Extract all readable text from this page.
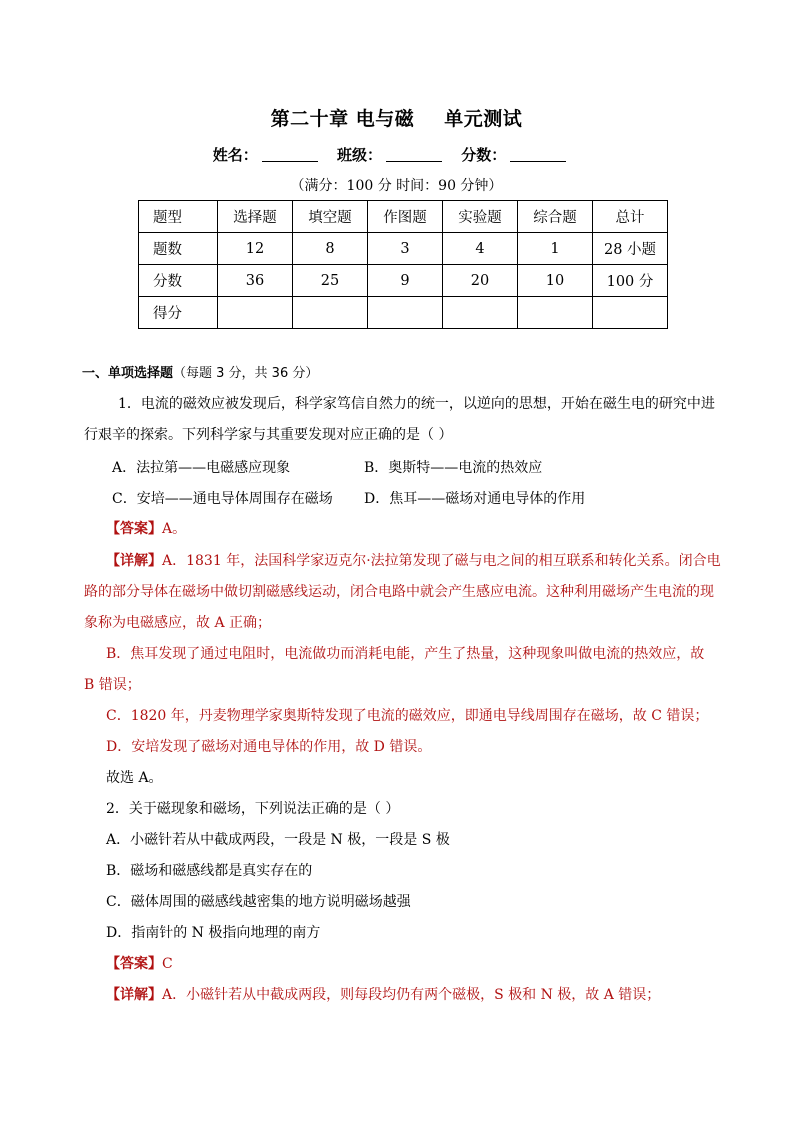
第二十章 电与磁 单元测试
姓名：	班级：	分数：
（满分：100 分 时间：90 分钟）
题型	选择题	填空题	作图题	实验题	综合题	总计
题数	12	8	3	4	1	28 小题
分数	36	25	9	20	10	100 分
得分						
一、单项选择题（每题 3 分，共 36 分）
1．电流的磁效应被发现后，科学家笃信自然力的统一，以逆向的思想，开始在磁生电的研究中进
行艰辛的探索。下列科学家与其重要发现对应正确的是（ ）
A．法拉第——电磁感应现象	B．奥斯特——电流的热效应
C．安培——通电导体周围存在磁场 D．焦耳——磁场对通电导体的作用
【答案】A。
【详解】A．1831 年，法国科学家迈克尔·法拉第发现了磁与电之间的相互联系和转化关系。闭合电
路的部分导体在磁场中做切割磁感线运动，闭合电路中就会产生感应电流。这种利用磁场产生电流的现
象称为电磁感应，故 A 正确；
B．焦耳发现了通过电阻时，电流做功而消耗电能，产生了热量，这种现象叫做电流的热效应，故
B 错误；
C．1820 年，丹麦物理学家奥斯特发现了电流的磁效应，即通电导线周围存在磁场，故 C 错误；
D．安培发现了磁场对通电导体的作用，故 D 错误。
故选 A。
2．关于磁现象和磁场，下列说法正确的是（ ）
A．小磁针若从中截成两段，一段是 N 极，一段是 S 极
B．磁场和磁感线都是真实存在的
C．磁体周围的磁感线越密集的地方说明磁场越强
D．指南针的 N 极指向地理的南方
【答案】C
【详解】A．小磁针若从中截成两段，则每段均仍有两个磁极，S 极和 N 极，故 A 错误；
